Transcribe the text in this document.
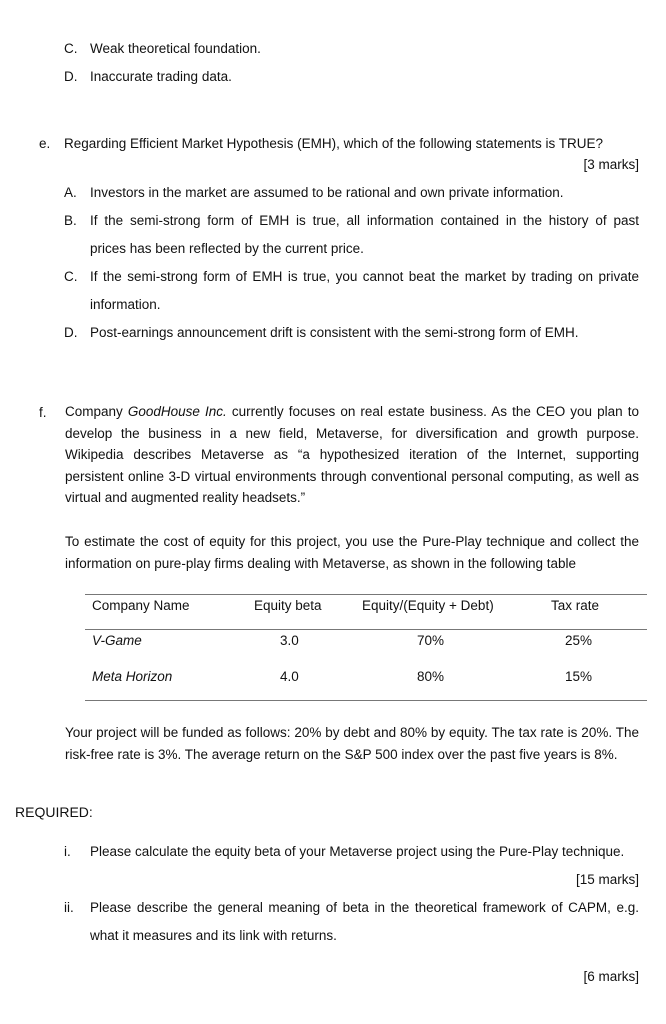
C. Weak theoretical foundation.
D. Inaccurate trading data.
e. Regarding Efficient Market Hypothesis (EMH), which of the following statements is TRUE?
[3 marks]
A. Investors in the market are assumed to be rational and own private information.
B. If the semi-strong form of EMH is true, all information contained in the history of past
prices has been reflected by the current price.
C. If the semi-strong form of EMH is true, you cannot beat the market by trading on private
information.
D. Post-earnings announcement drift is consistent with the semi-strong form of EMH.
f. Company GoodHouse Inc. currently focuses on real estate business. As the CEO you plan to develop the business in a new field, Metaverse, for diversification and growth purpose. Wikipedia describes Metaverse as “a hypothesized iteration of the Internet, supporting persistent online 3-D virtual environments through conventional personal computing, as well as virtual and augmented reality headsets.”
To estimate the cost of equity for this project, you use the Pure-Play technique and collect the information on pure-play firms dealing with Metaverse, as shown in the following table
Company Name	Equity beta	Equity/(Equity + Debt)	Tax rate
V-Game	3.0	70%	25%
Meta Horizon	4.0	80%	15%
Your project will be funded as follows: 20% by debt and 80% by equity. The tax rate is 20%. The risk-free rate is 3%. The average return on the S&P 500 index over the past five years is 8%.
REQUIRED:
i. Please calculate the equity beta of your Metaverse project using the Pure-Play technique.
[15 marks]
ii. Please describe the general meaning of beta in the theoretical framework of CAPM, e.g.
what it measures and its link with returns.
[6 marks]
